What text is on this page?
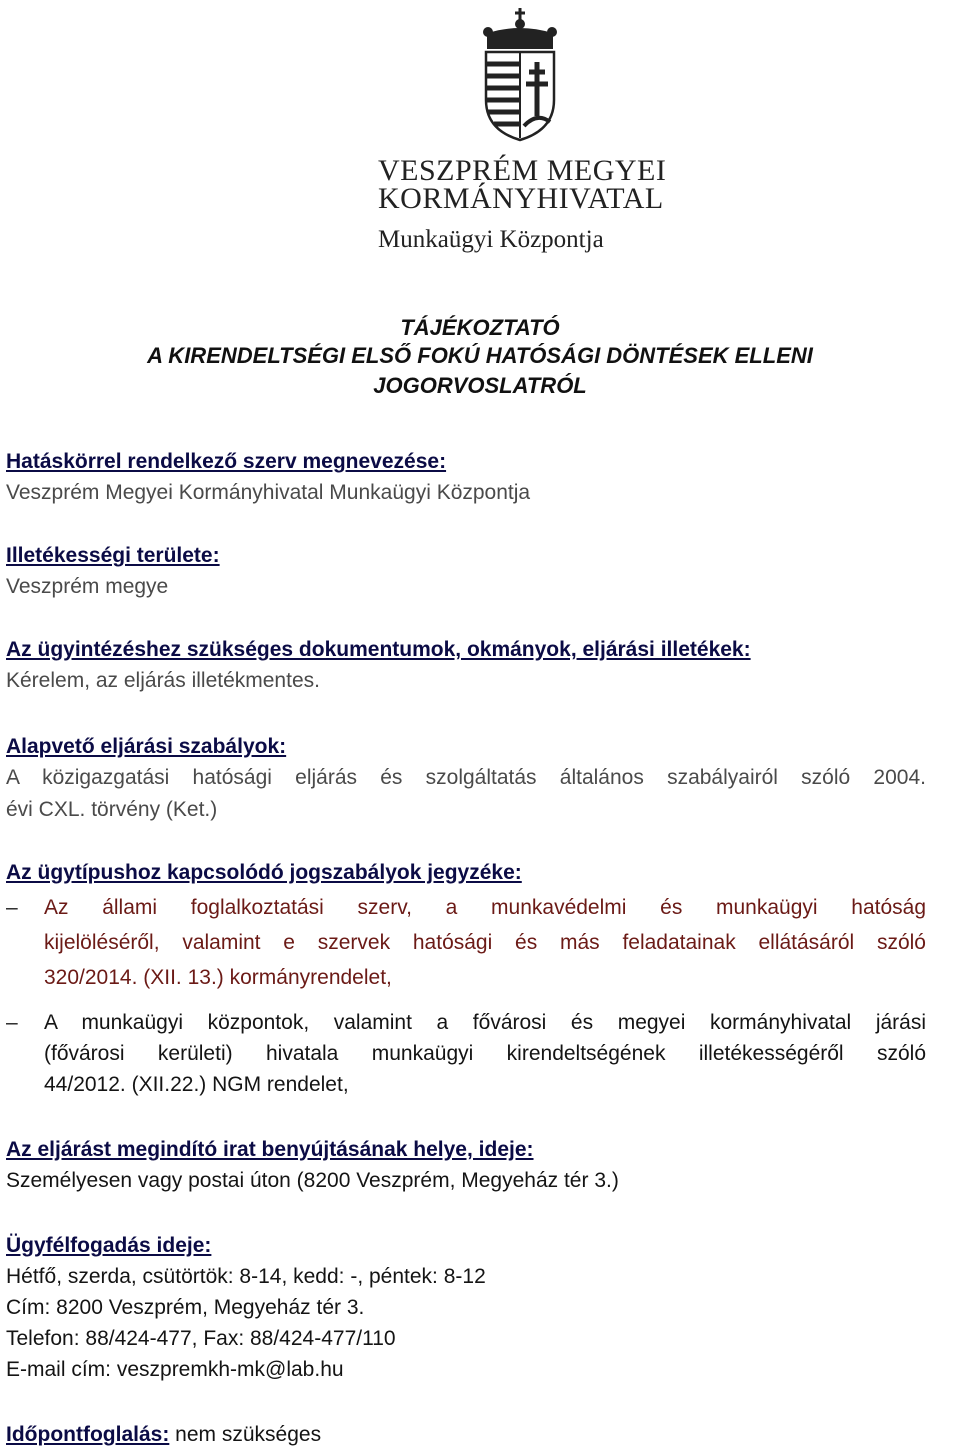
VESZPRÉM MEGYEI
KORMÁNYHIVATAL
Munkaügyi Központja
TÁJÉKOZTATÓ
A KIRENDELTSÉGI ELSŐ FOKÚ HATÓSÁGI DÖNTÉSEK ELLENI
JOGORVOSLATRÓL
Hatáskörrel rendelkező szerv megnevezése:
Veszprém Megyei Kormányhivatal Munkaügyi Központja
Illetékességi területe:
Veszprém megye
Az ügyintézéshez szükséges dokumentumok, okmányok, eljárási illetékek:
Kérelem, az eljárás illetékmentes.
Alapvető eljárási szabályok:
A közigazgatási hatósági eljárás és szolgáltatás általános szabályairól szóló 2004.
évi CXL. törvény (Ket.)
Az ügytípushoz kapcsolódó jogszabályok jegyzéke:
– Az állami foglalkoztatási szerv, a munkavédelmi és munkaügyi hatóság
kijelöléséről, valamint e szervek hatósági és más feladatainak ellátásáról szóló
320/2014. (XII. 13.) kormányrendelet,
– A munkaügyi központok, valamint a fővárosi és megyei kormányhivatal járási
(fővárosi kerületi) hivatala munkaügyi kirendeltségének illetékességéről szóló
44/2012. (XII.22.) NGM rendelet,
Az eljárást megindító irat benyújtásának helye, ideje:
Személyesen vagy postai úton (8200 Veszprém, Megyeház tér 3.)
Ügyfélfogadás ideje:
Hétfő, szerda, csütörtök: 8-14, kedd: -, péntek: 8-12
Cím: 8200 Veszprém, Megyeház tér 3.
Telefon: 88/424-477, Fax: 88/424-477/110
E-mail cím: veszpremkh-mk@lab.hu
Időpontfoglalás: nem szükséges
